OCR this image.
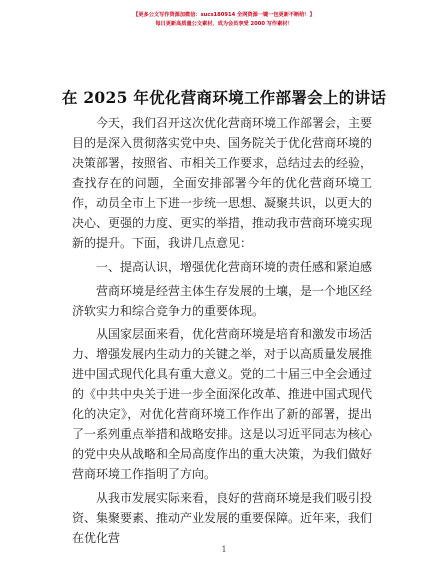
【更多公文写作资源加微信：sucs180914 全网资源一键一包更新不断给！】
每日更新高质量公文素材，成为会员享受 2000 写作素材！
在 2025 年优化营商环境工作部署会上的讲话

今天，我们召开这次优化营商环境工作部署会，主要目的是深入贯彻落实党中央、国务院关于优化营商环境的决策部署，按照省、市相关工作要求，总结过去的经验，查找存在的问题，全面安排部署今年的优化营商环境工作，动员全市上下进一步统一思想、凝聚共识，以更大的决心、更强的力度、更实的举措，推动我市营商环境实现新的提升。下面，我讲几点意见：

一、提高认识，增强优化营商环境的责任感和紧迫感

营商环境是经营主体生存发展的土壤，是一个地区经济软实力和综合竞争力的重要体现。

从国家层面来看，优化营商环境是培育和激发市场活力、增强发展内生动力的关键之举，对于以高质量发展推进中国式现代化具有重大意义。党的二十届三中全会通过的《中共中央关于进一步全面深化改革、推进中国式现代化的决定》，对优化营商环境工作作出了新的部署，提出了一系列重点举措和战略安排。这是以习近平同志为核心的党中央从战略和全局高度作出的重大决策，为我们做好营商环境工作指明了方向。

从我市发展实际来看，良好的营商环境是我们吸引投资、集聚要素、推动产业发展的重要保障。近年来，我们在优化营

1
